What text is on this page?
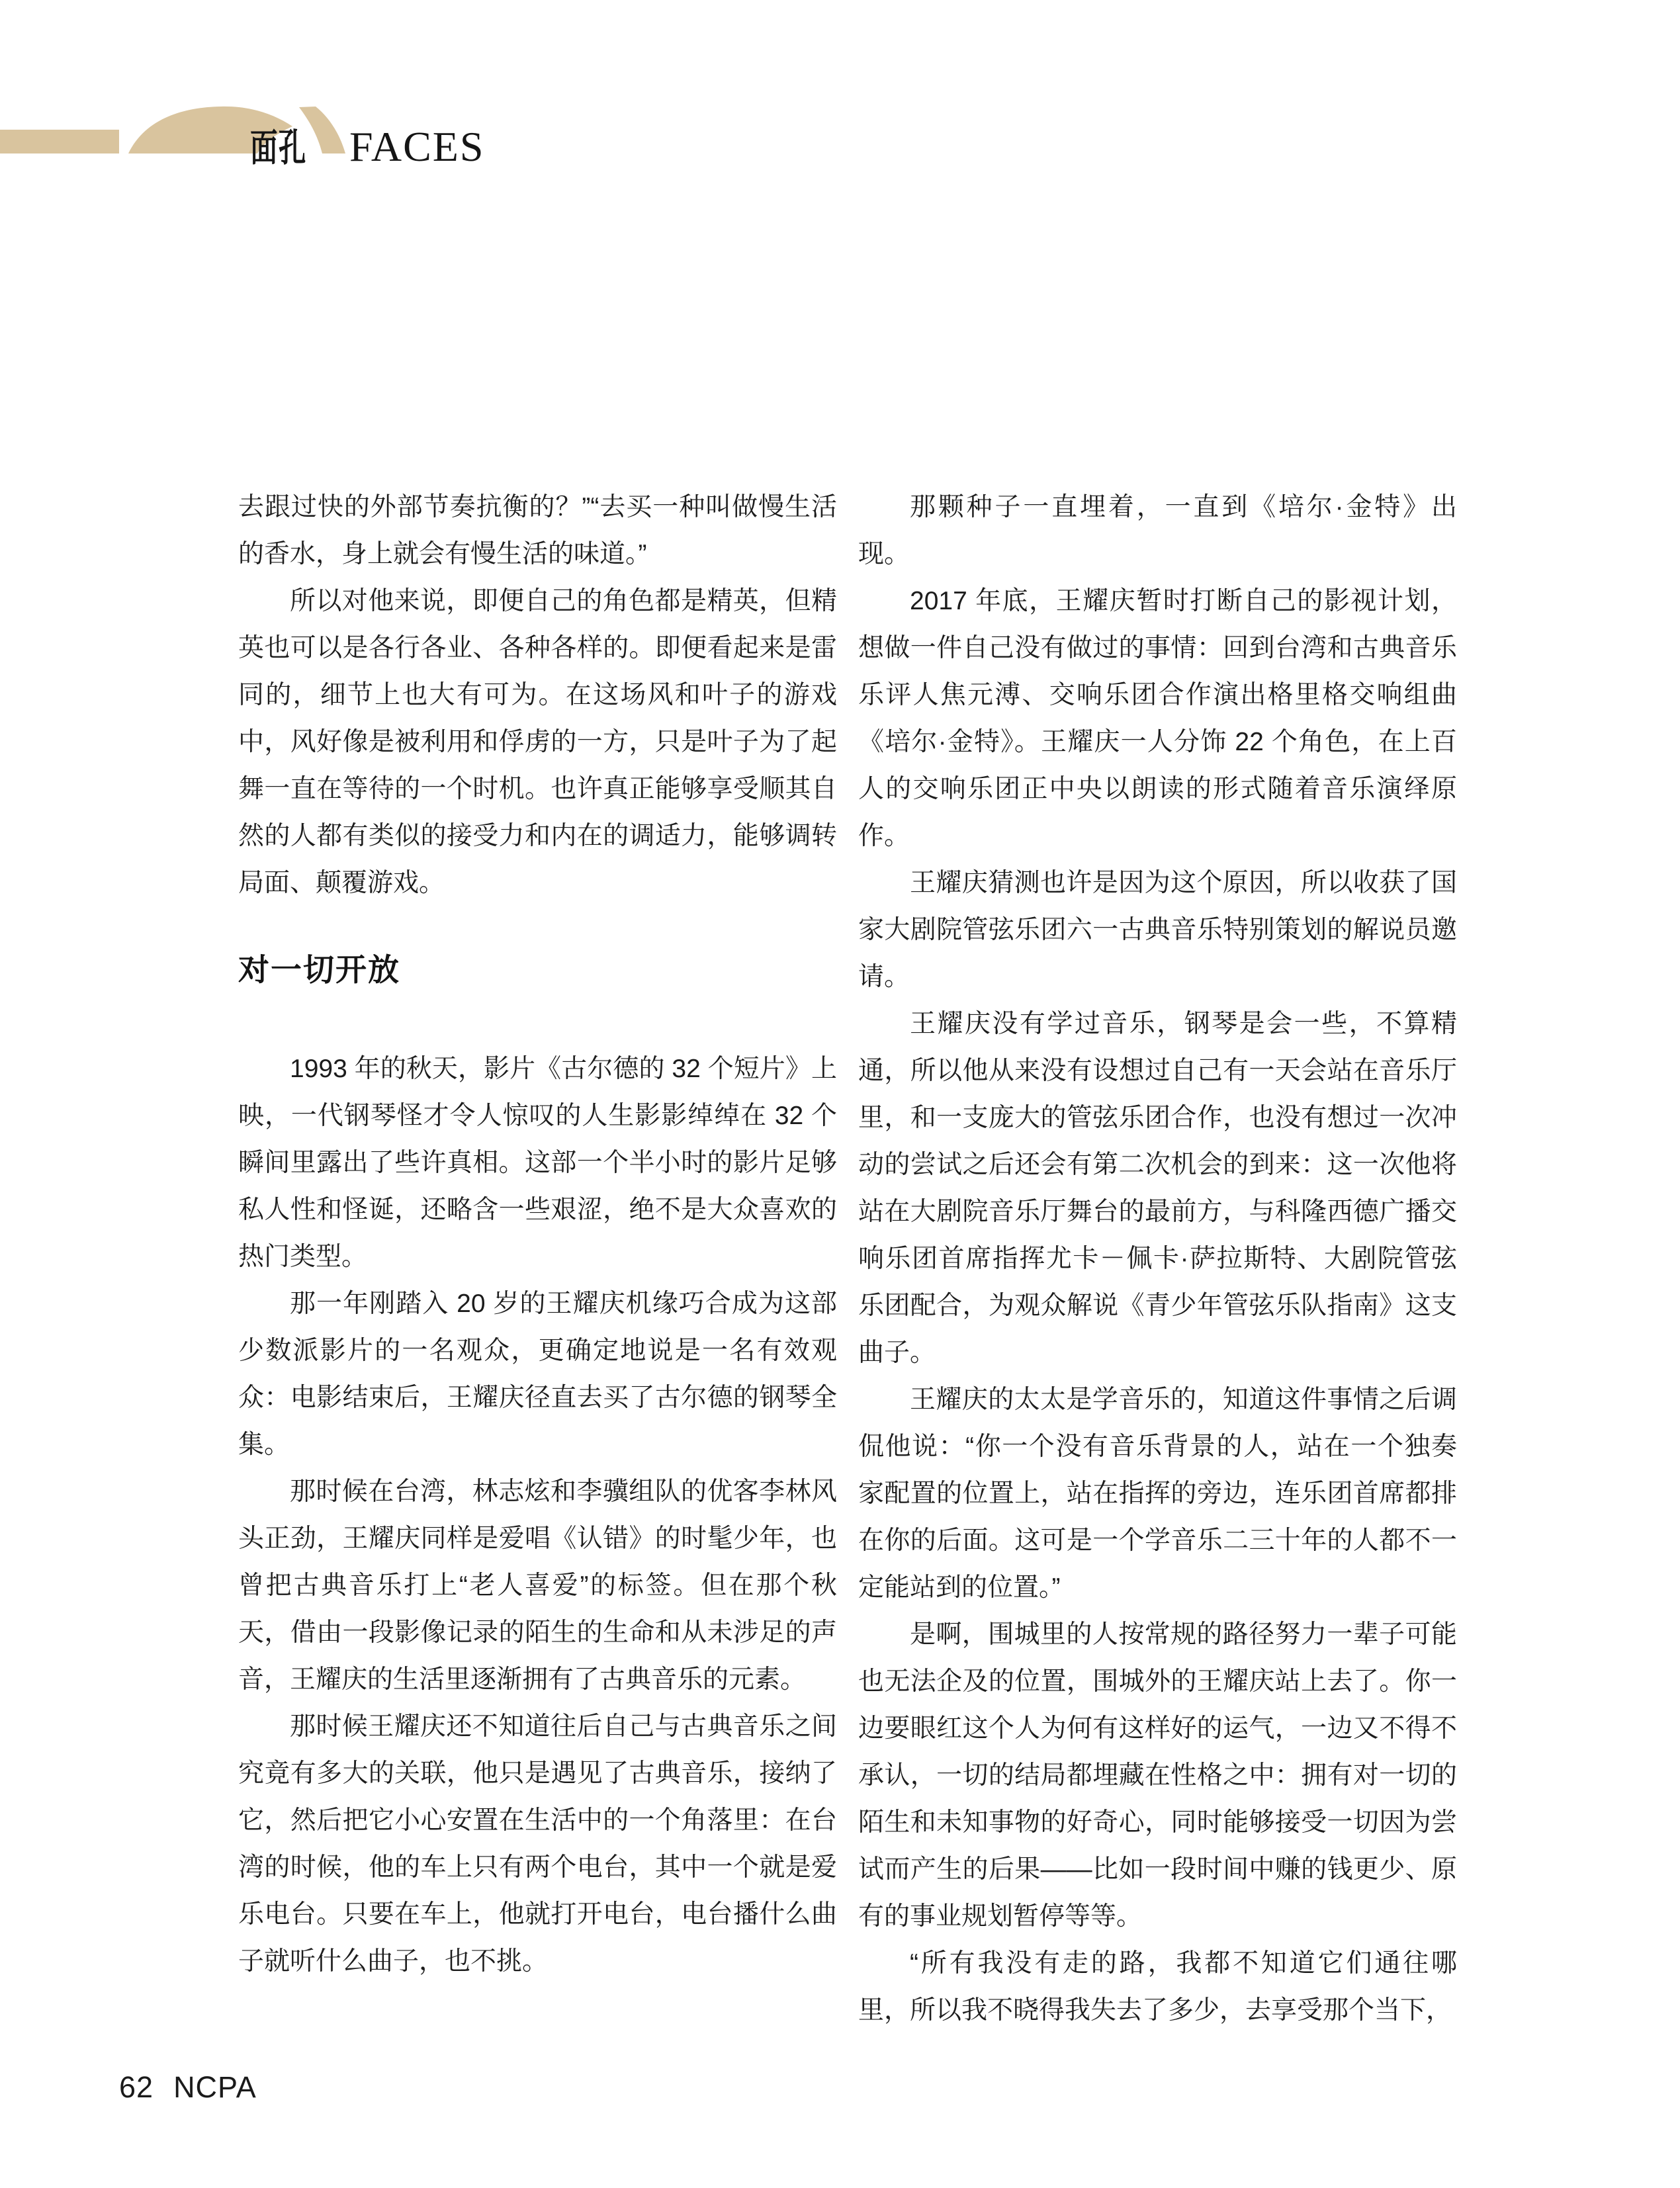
面孔 FACES

去跟过快的外部节奏抗衡的？”“去买一种叫做慢生活的香水，身上就会有慢生活的味道。”

所以对他来说，即便自己的角色都是精英，但精英也可以是各行各业、各种各样的。即便看起来是雷同的，细节上也大有可为。在这场风和叶子的游戏中，风好像是被利用和俘虏的一方，只是叶子为了起舞一直在等待的一个时机。也许真正能够享受顺其自然的人都有类似的接受力和内在的调适力，能够调转局面、颠覆游戏。

对一切开放

1993 年的秋天，影片《古尔德的 32 个短片》上映，一代钢琴怪才令人惊叹的人生影影绰绰在 32 个瞬间里露出了些许真相。这部一个半小时的影片足够私人性和怪诞，还略含一些艰涩，绝不是大众喜欢的热门类型。

那一年刚踏入 20 岁的王耀庆机缘巧合成为这部少数派影片的一名观众，更确定地说是一名有效观众：电影结束后，王耀庆径直去买了古尔德的钢琴全集。

那时候在台湾，林志炫和李骥组队的优客李林风头正劲，王耀庆同样是爱唱《认错》的时髦少年，也曾把古典音乐打上“老人喜爱”的标签。但在那个秋天，借由一段影像记录的陌生的生命和从未涉足的声音，王耀庆的生活里逐渐拥有了古典音乐的元素。

那时候王耀庆还不知道往后自己与古典音乐之间究竟有多大的关联，他只是遇见了古典音乐，接纳了它，然后把它小心安置在生活中的一个角落里：在台湾的时候，他的车上只有两个电台，其中一个就是爱乐电台。只要在车上，他就打开电台，电台播什么曲子就听什么曲子，也不挑。

那颗种子一直埋着，一直到《培尔·金特》出现。

2017 年底，王耀庆暂时打断自己的影视计划，想做一件自己没有做过的事情：回到台湾和古典音乐乐评人焦元溥、交响乐团合作演出格里格交响组曲《培尔·金特》。王耀庆一人分饰 22 个角色，在上百人的交响乐团正中央以朗读的形式随着音乐演绎原作。

王耀庆猜测也许是因为这个原因，所以收获了国家大剧院管弦乐团六一古典音乐特别策划的解说员邀请。

王耀庆没有学过音乐，钢琴是会一些，不算精通，所以他从来没有设想过自己有一天会站在音乐厅里，和一支庞大的管弦乐团合作，也没有想过一次冲动的尝试之后还会有第二次机会的到来：这一次他将站在大剧院音乐厅舞台的最前方，与科隆西德广播交响乐团首席指挥尤卡－佩卡·萨拉斯特、大剧院管弦乐团配合，为观众解说《青少年管弦乐队指南》这支曲子。

王耀庆的太太是学音乐的，知道这件事情之后调侃他说：“你一个没有音乐背景的人，站在一个独奏家配置的位置上，站在指挥的旁边，连乐团首席都排在你的后面。这可是一个学音乐二三十年的人都不一定能站到的位置。”

是啊，围城里的人按常规的路径努力一辈子可能也无法企及的位置，围城外的王耀庆站上去了。你一边要眼红这个人为何有这样好的运气，一边又不得不承认，一切的结局都埋藏在性格之中：拥有对一切的陌生和未知事物的好奇心，同时能够接受一切因为尝试而产生的后果——比如一段时间中赚的钱更少、原有的事业规划暂停等等。

“所有我没有走的路，我都不知道它们通往哪里，所以我不晓得我失去了多少，去享受那个当下，

62 NCPA
